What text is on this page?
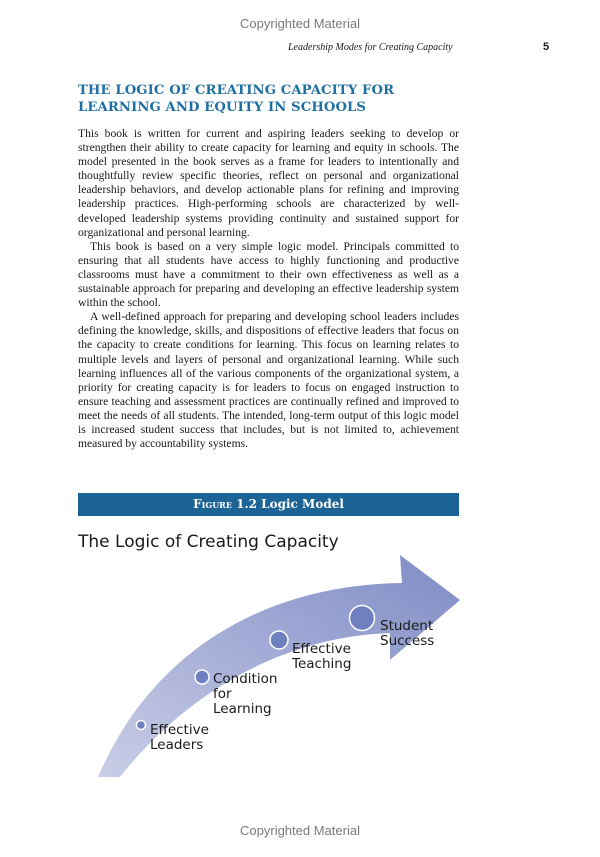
Copyrighted Material
Leadership Modes for Creating Capacity	5
THE LOGIC OF CREATING CAPACITY FOR
LEARNING AND EQUITY IN SCHOOLS

This book is written for current and aspiring leaders seeking to develop or strengthen their ability to create capacity for learning and equity in schools. The model presented in the book serves as a frame for leaders to intentionally and thoughtfully review specific theories, reflect on personal and organizational leadership behaviors, and develop actionable plans for refining and improving leadership practices. High-performing schools are characterized by well-developed leadership systems providing continuity and sustained support for organizational and personal learning.

This book is based on a very simple logic model. Principals committed to ensuring that all students have access to highly functioning and productive classrooms must have a commitment to their own effectiveness as well as a sustainable approach for preparing and developing an effective leadership system within the school.

A well-defined approach for preparing and developing school leaders includes defining the knowledge, skills, and dispositions of effective leaders that focus on the capacity to create conditions for learning. This focus on learning relates to multiple levels and layers of personal and organizational learning. While such learning influences all of the various components of the organizational system, a priority for creating capacity is for leaders to focus on engaged instruction to ensure teaching and assessment practices are continually refined and improved to meet the needs of all students. The intended, long-term output of this logic model is increased student success that includes, but is not limited to, achievement measured by accountability systems.

Figure 1.2 Logic Model
The Logic of Creating Capacity
Effective Leaders
Condition for Learning
Effective Teaching
Student Success
Copyrighted Material
